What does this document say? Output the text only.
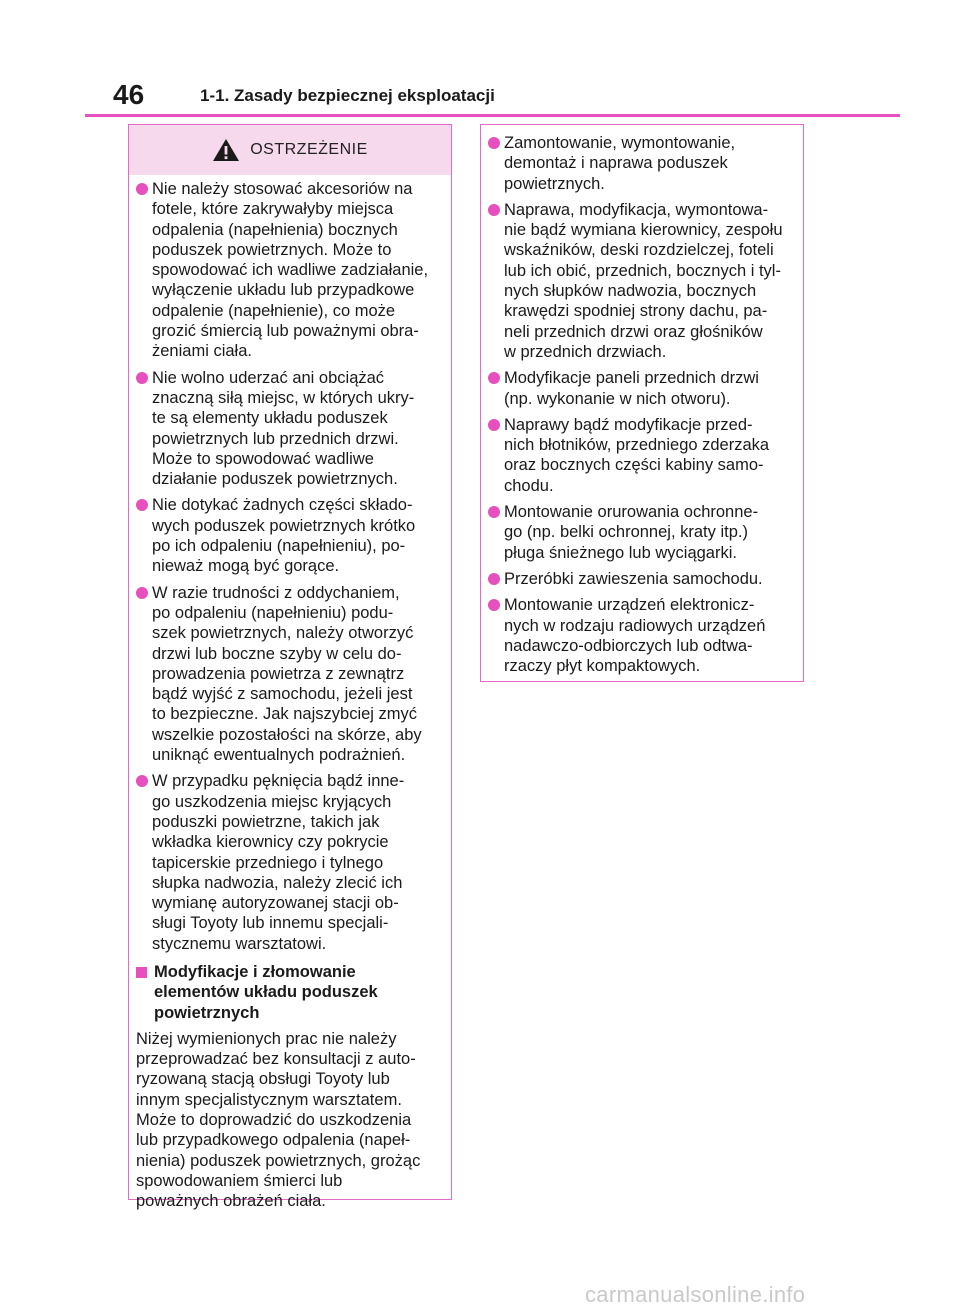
46	1-1. Zasady bezpiecznej eksploatacji
OSTRZEŻENIE
Nie należy stosować akcesoriów na
fotele, które zakrywałyby miejsca
odpalenia (napełnienia) bocznych
poduszek powietrznych. Może to
spowodować ich wadliwe zadziałanie,
wyłączenie układu lub przypadkowe
odpalenie (napełnienie), co może
grozić śmiercią lub poważnymi obra-
żeniami ciała.
Nie wolno uderzać ani obciążać
znaczną siłą miejsc, w których ukry-
te są elementy układu poduszek
powietrznych lub przednich drzwi.
Może to spowodować wadliwe
działanie poduszek powietrznych.
Nie dotykać żadnych części składo-
wych poduszek powietrznych krótko
po ich odpaleniu (napełnieniu), po-
nieważ mogą być gorące.
W razie trudności z oddychaniem,
po odpaleniu (napełnieniu) podu-
szek powietrznych, należy otworzyć
drzwi lub boczne szyby w celu do-
prowadzenia powietrza z zewnątrz
bądź wyjść z samochodu, jeżeli jest
to bezpieczne. Jak najszybciej zmyć
wszelkie pozostałości na skórze, aby
uniknąć ewentualnych podrażnień.
W przypadku pęknięcia bądź inne-
go uszkodzenia miejsc kryjących
poduszki powietrzne, takich jak
wkładka kierownicy czy pokrycie
tapicerskie przedniego i tylnego
słupka nadwozia, należy zlecić ich
wymianę autoryzowanej stacji ob-
sługi Toyoty lub innemu specjali-
stycznemu warsztatowi.
Modyfikacje i złomowanie
elementów układu poduszek
powietrznych
Niżej wymienionych prac nie należy
przeprowadzać bez konsultacji z auto-
ryzowaną stacją obsługi Toyoty lub
innym specjalistycznym warsztatem.
Może to doprowadzić do uszkodzenia
lub przypadkowego odpalenia (napeł-
nienia) poduszek powietrznych, grożąc
spowodowaniem śmierci lub
poważnych obrażeń ciała.
Zamontowanie, wymontowanie,
demontaż i naprawa poduszek
powietrznych.
Naprawa, modyfikacja, wymontowa-
nie bądź wymiana kierownicy, zespołu
wskaźników, deski rozdzielczej, foteli
lub ich obić, przednich, bocznych i tyl-
nych słupków nadwozia, bocznych
krawędzi spodniej strony dachu, pa-
neli przednich drzwi oraz głośników
w przednich drzwiach.
Modyfikacje paneli przednich drzwi
(np. wykonanie w nich otworu).
Naprawy bądź modyfikacje przed-
nich błotników, przedniego zderzaka
oraz bocznych części kabiny samo-
chodu.
Montowanie orurowania ochronne-
go (np. belki ochronnej, kraty itp.)
pługa śnieżnego lub wyciągarki.
Przeróbki zawieszenia samochodu.
Montowanie urządzeń elektronicz-
nych w rodzaju radiowych urządzeń
nadawczo-odbiorczych lub odtwa-
rzaczy płyt kompaktowych.
carmanualsonline.info
